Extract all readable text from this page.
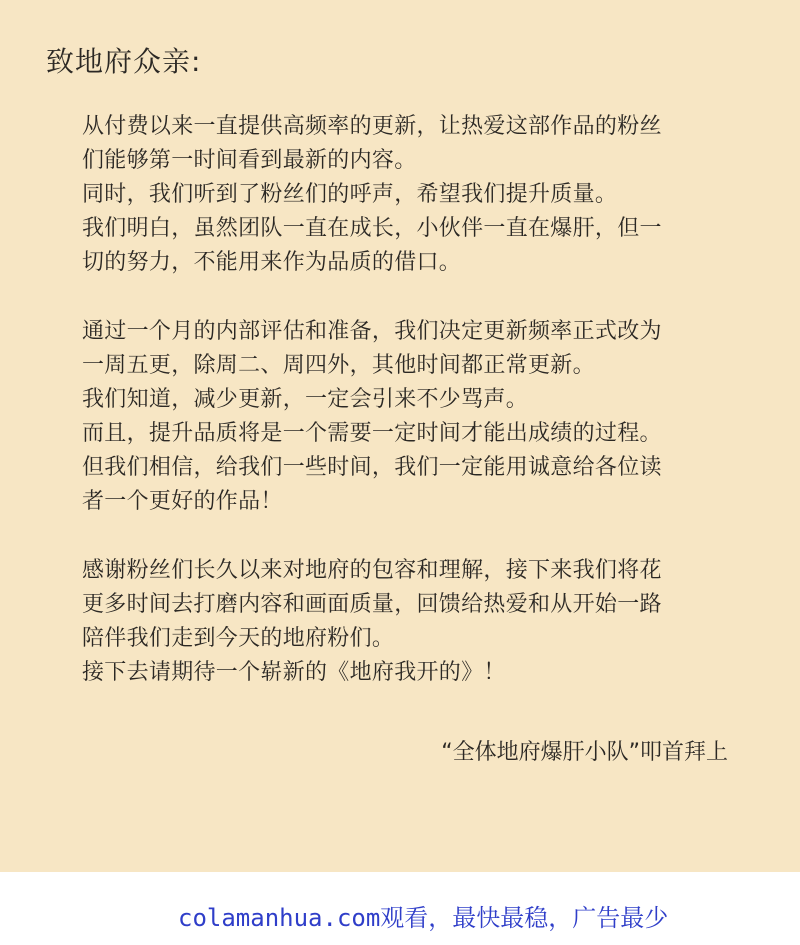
致地府众亲:
从付费以来一直提供高频率的更新，让热爱这部作品的粉丝
们能够第一时间看到最新的内容。
同时，我们听到了粉丝们的呼声，希望我们提升质量。
我们明白，虽然团队一直在成长，小伙伴一直在爆肝，但一
切的努力，不能用来作为品质的借口。
通过一个月的内部评估和准备，我们决定更新频率正式改为
一周五更，除周二、周四外，其他时间都正常更新。
我们知道，减少更新，一定会引来不少骂声。
而且，提升品质将是一个需要一定时间才能出成绩的过程。
但我们相信，给我们一些时间，我们一定能用诚意给各位读
者一个更好的作品！
感谢粉丝们长久以来对地府的包容和理解，接下来我们将花
更多时间去打磨内容和画面质量，回馈给热爱和从开始一路
陪伴我们走到今天的地府粉们。
接下去请期待一个崭新的《地府我开的》！
“全体地府爆肝小队”叩首拜上
colamanhua.com观看，最快最稳，广告最少
